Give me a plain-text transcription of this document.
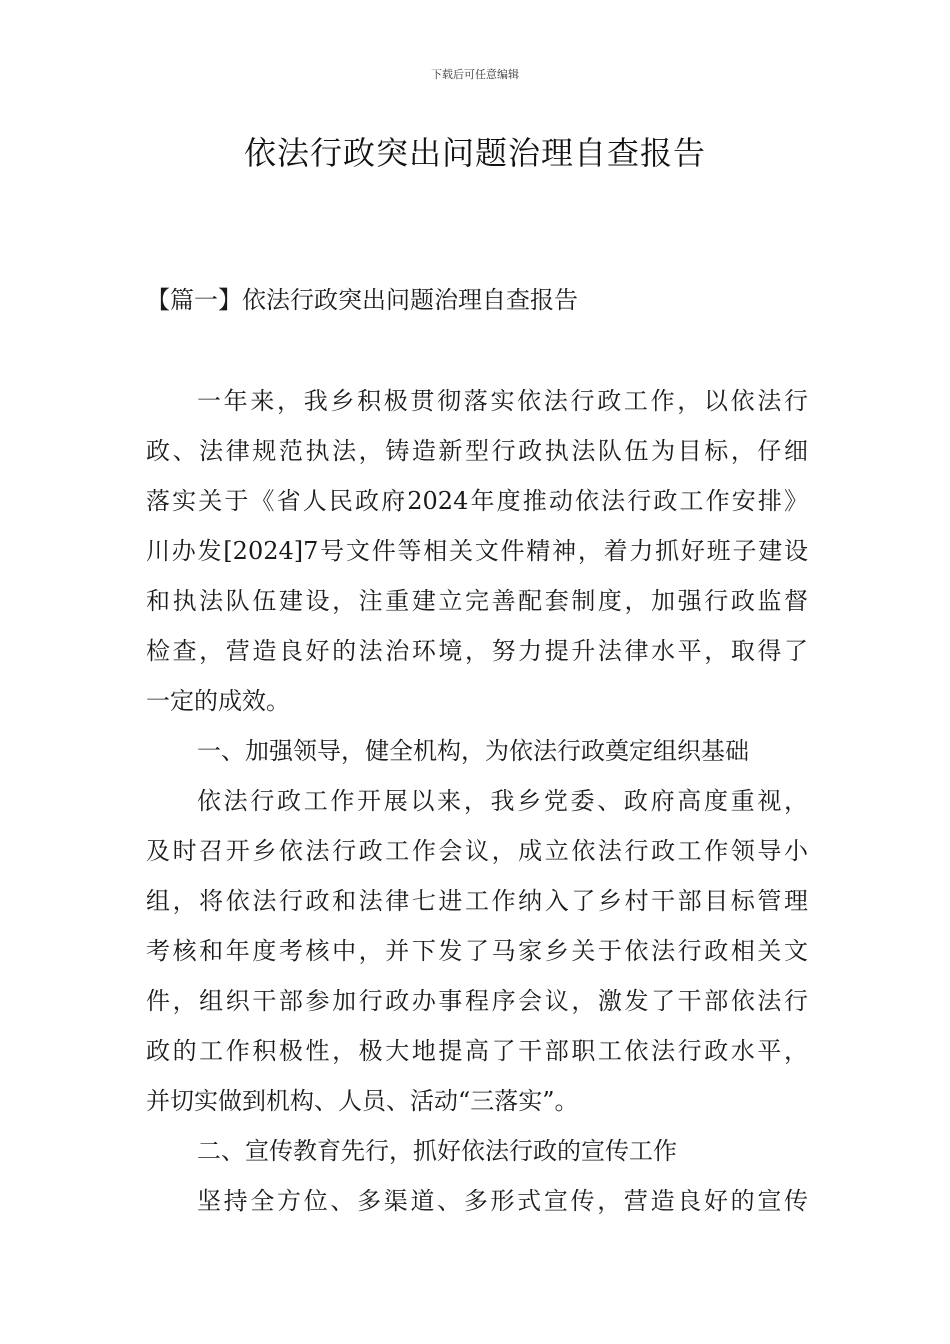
下载后可任意编辑
依法行政突出问题治理自查报告
【篇一】依法行政突出问题治理自查报告
一年来，我乡积极贯彻落实依法行政工作，以依法行
政、法律规范执法，铸造新型行政执法队伍为目标，仔细
落实关于《省人民政府2024年度推动依法行政工作安排》
川办发[2024]7号文件等相关文件精神，着力抓好班子建设
和执法队伍建设，注重建立完善配套制度，加强行政监督
检查，营造良好的法治环境，努力提升法律水平，取得了
一定的成效。
一、加强领导，健全机构，为依法行政奠定组织基础
依法行政工作开展以来，我乡党委、政府高度重视，
及时召开乡依法行政工作会议，成立依法行政工作领导小
组，将依法行政和法律七进工作纳入了乡村干部目标管理
考核和年度考核中，并下发了马家乡关于依法行政相关文
件，组织干部参加行政办事程序会议，激发了干部依法行
政的工作积极性，极大地提高了干部职工依法行政水平，
并切实做到机构、人员、活动“三落实”。
二、宣传教育先行，抓好依法行政的宣传工作
坚持全方位、多渠道、多形式宣传，营造良好的宣传
